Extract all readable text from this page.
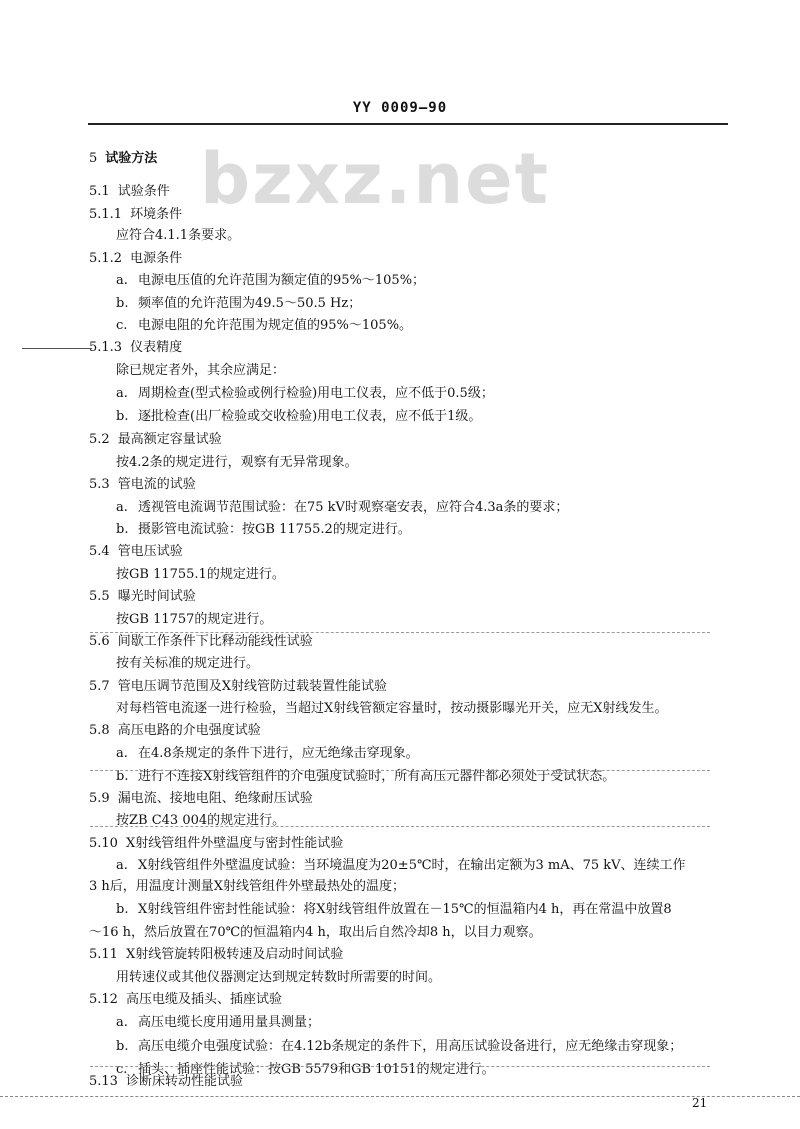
YY 0009—90
bzxz.net
5 试验方法
5.1 试验条件
5.1.1 环境条件
应符合4.1.1条要求。
5.1.2 电源条件
a. 电源电压值的允许范围为额定值的95%～105%；
b. 频率值的允许范围为49.5～50.5 Hz；
c. 电源电阻的允许范围为规定值的95%～105%。
5.1.3 仪表精度
除已规定者外，其余应满足：
a. 周期检查(型式检验或例行检验)用电工仪表，应不低于0.5级；
b. 逐批检查(出厂检验或交收检验)用电工仪表，应不低于1级。
5.2 最高额定容量试验
按4.2条的规定进行，观察有无异常现象。
5.3 管电流的试验
a. 透视管电流调节范围试验：在75 kV时观察毫安表，应符合4.3a条的要求；
b. 摄影管电流试验：按GB 11755.2的规定进行。
5.4 管电压试验
按GB 11755.1的规定进行。
5.5 曝光时间试验
按GB 11757的规定进行。
5.6 间歇工作条件下比释动能线性试验
按有关标准的规定进行。
5.7 管电压调节范围及X射线管防过载装置性能试验
对每档管电流逐一进行检验，当超过X射线管额定容量时，按动摄影曝光开关，应无X射线发生。
5.8 高压电路的介电强度试验
a. 在4.8条规定的条件下进行，应无绝缘击穿现象。
b. 进行不连接X射线管组件的介电强度试验时，所有高压元器件都必须处于受试状态。
5.9 漏电流、接地电阻、绝缘耐压试验
按ZB C43 004的规定进行。
5.10 X射线管组件外壁温度与密封性能试验
a. X射线管组件外壁温度试验：当环境温度为20±5℃时，在输出定额为3 mA、75 kV、连续工作
3 h后，用温度计测量X射线管组件外壁最热处的温度；
b. X射线管组件密封性能试验：将X射线管组件放置在－15℃的恒温箱内4 h，再在常温中放置8
～16 h，然后放置在70℃的恒温箱内4 h，取出后自然冷却8 h，以目力观察。
5.11 X射线管旋转阳极转速及启动时间试验
用转速仪或其他仪器测定达到规定转数时所需要的时间。
5.12 高压电缆及插头、插座试验
a. 高压电缆长度用通用量具测量；
b. 高压电缆介电强度试验：在4.12b条规定的条件下，用高压试验设备进行，应无绝缘击穿现象；
c. 插头、插座性能试验：按GB 5579和GB 10151的规定进行。
5.13 诊断床转动性能试验
21
